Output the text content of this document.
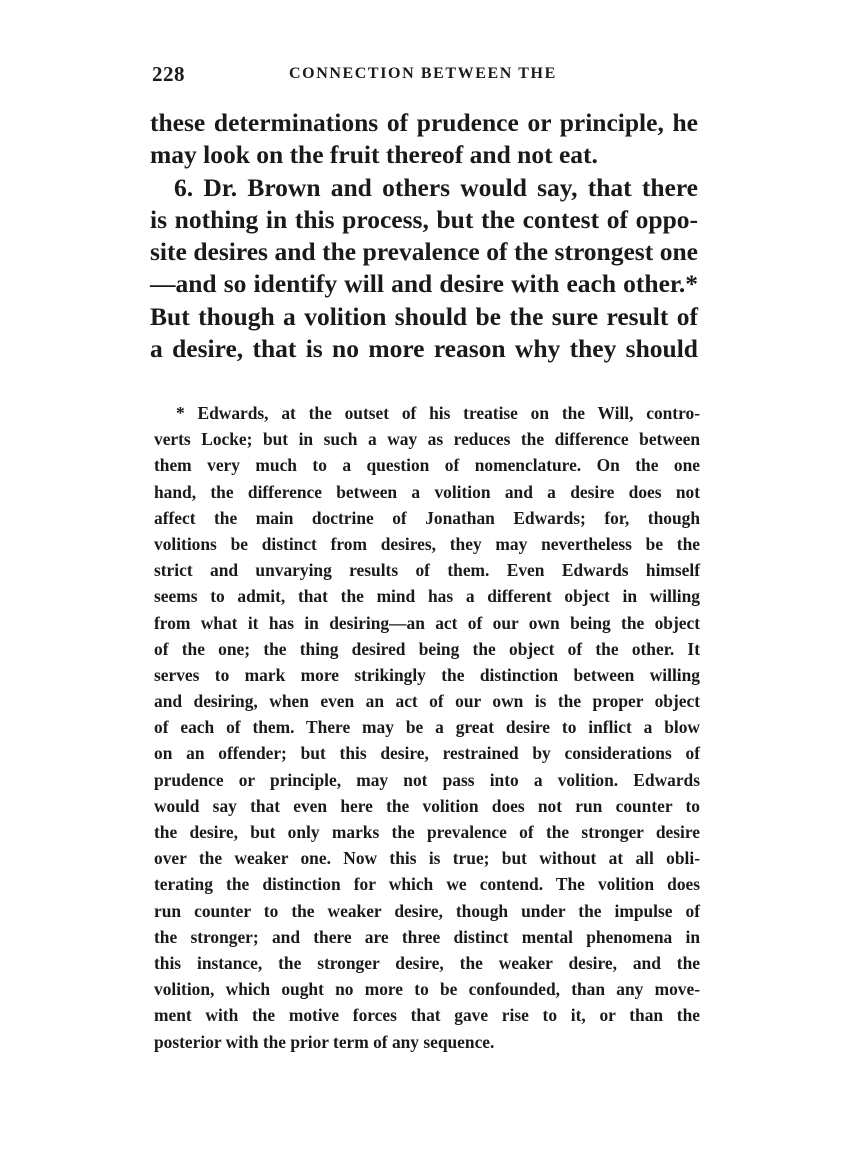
228	CONNECTION BETWEEN THE
these determinations of prudence or principle, he
may look on the fruit thereof and not eat.
6. Dr. Brown and others would say, that there
is nothing in this process, but the contest of oppo-
site desires and the prevalence of the strongest one
—and so identify will and desire with each other.*
But though a volition should be the sure result of
a desire, that is no more reason why they should
* Edwards, at the outset of his treatise on the Will, contro-
verts Locke; but in such a way as reduces the difference between
them very much to a question of nomenclature. On the one
hand, the difference between a volition and a desire does not
affect the main doctrine of Jonathan Edwards; for, though
volitions be distinct from desires, they may nevertheless be the
strict and unvarying results of them. Even Edwards himself
seems to admit, that the mind has a different object in willing
from what it has in desiring—an act of our own being the object
of the one; the thing desired being the object of the other. It
serves to mark more strikingly the distinction between willing
and desiring, when even an act of our own is the proper object
of each of them. There may be a great desire to inflict a blow
on an offender; but this desire, restrained by considerations of
prudence or principle, may not pass into a volition. Edwards
would say that even here the volition does not run counter to
the desire, but only marks the prevalence of the stronger desire
over the weaker one. Now this is true; but without at all obli-
terating the distinction for which we contend. The volition does
run counter to the weaker desire, though under the impulse of
the stronger; and there are three distinct mental phenomena in
this instance, the stronger desire, the weaker desire, and the
volition, which ought no more to be confounded, than any move-
ment with the motive forces that gave rise to it, or than the
posterior with the prior term of any sequence.
